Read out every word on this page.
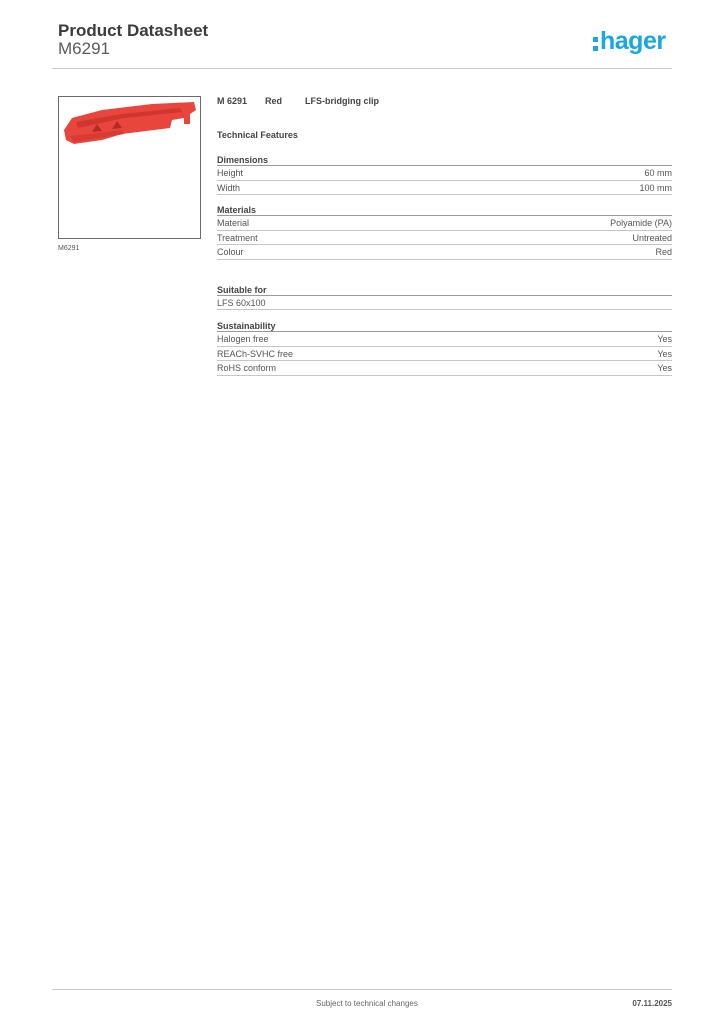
Product Datasheet
M6291	hager
M6291
M 6291	Red	LFS-bridging clip
Technical Features
Dimensions
Height	60 mm
Width	100 mm
Materials
Material	Polyamide (PA)
Treatment	Untreated
Colour	Red
Suitable for
LFS 60x100
Sustainability
Halogen free	Yes
REACh-SVHC free	Yes
RoHS conform	Yes
Subject to technical changes	07.11.2025
